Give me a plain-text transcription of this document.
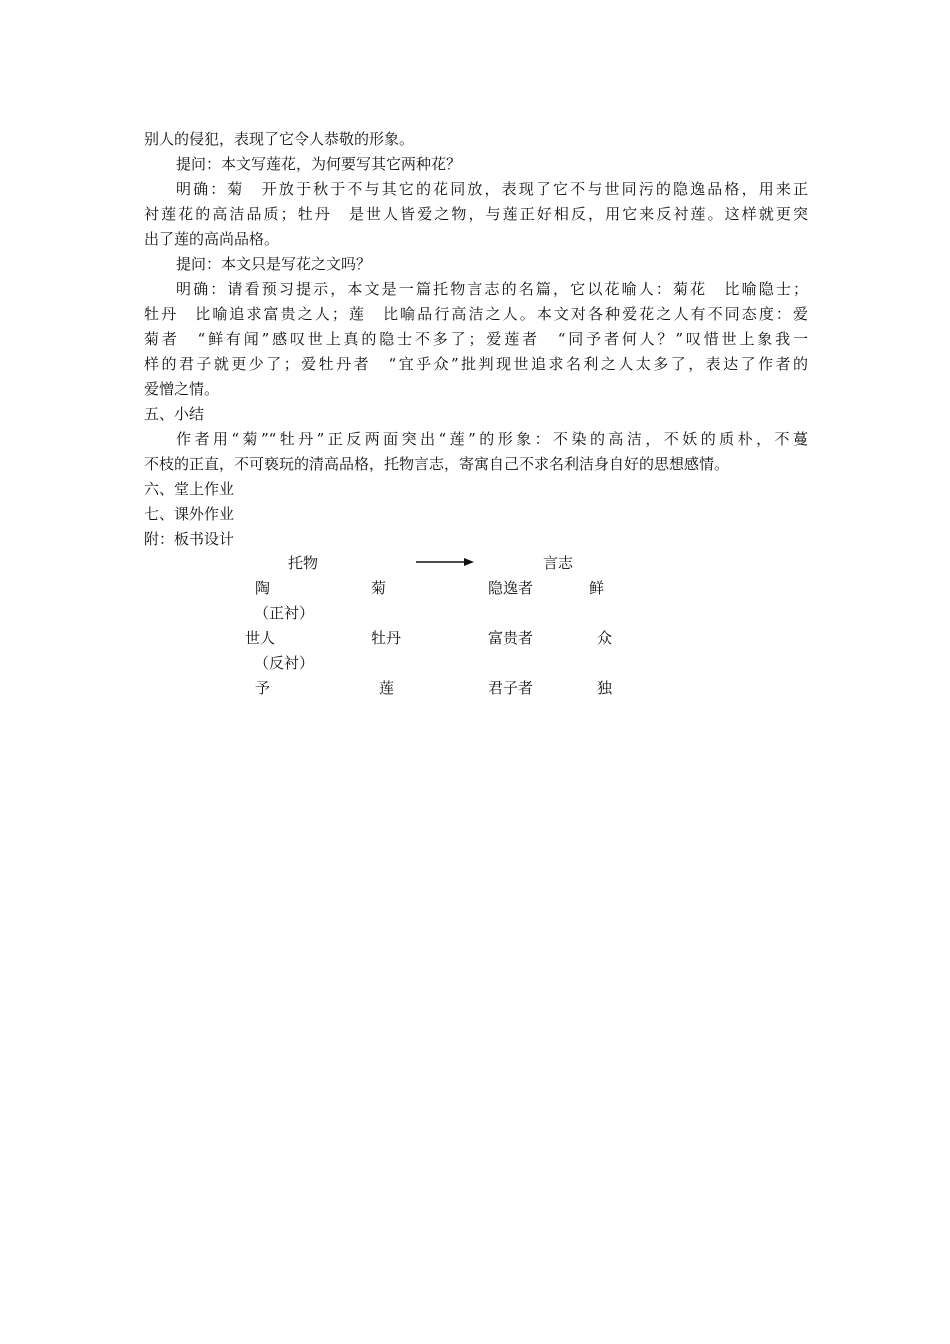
别人的侵犯，表现了它令人恭敬的形象。
提问：本文写莲花，为何要写其它两种花？
明确：菊　开放于秋于不与其它的花同放，表现了它不与世同污的隐逸品格，用来正
衬莲花的高洁品质；牡丹　是世人皆爱之物，与莲正好相反，用它来反衬莲。这样就更突
出了莲的高尚品格。
提问：本文只是写花之文吗？
明确：请看预习提示，本文是一篇托物言志的名篇，它以花喻人：菊花　比喻隐士；
牡丹　比喻追求富贵之人；莲　比喻品行高洁之人。本文对各种爱花之人有不同态度：爱
菊者　“鲜有闻”感叹世上真的隐士不多了；爱莲者　“同予者何人？”叹惜世上象我一
样的君子就更少了；爱牡丹者　“宜乎众”批判现世追求名利之人太多了，表达了作者的
爱憎之情。
五、小结
作者用“菊”“牡丹”正反两面突出“莲”的形象：不染的高洁，不妖的质朴，不蔓
不枝的正直，不可亵玩的清高品格，托物言志，寄寓自己不求名利洁身自好的思想感情。
六、堂上作业
七、课外作业
附：板书设计
托物	言志
陶	菊	隐逸者	鲜
（正衬）
世人	牡丹	富贵者	众
（反衬）
予	莲	君子者	独
